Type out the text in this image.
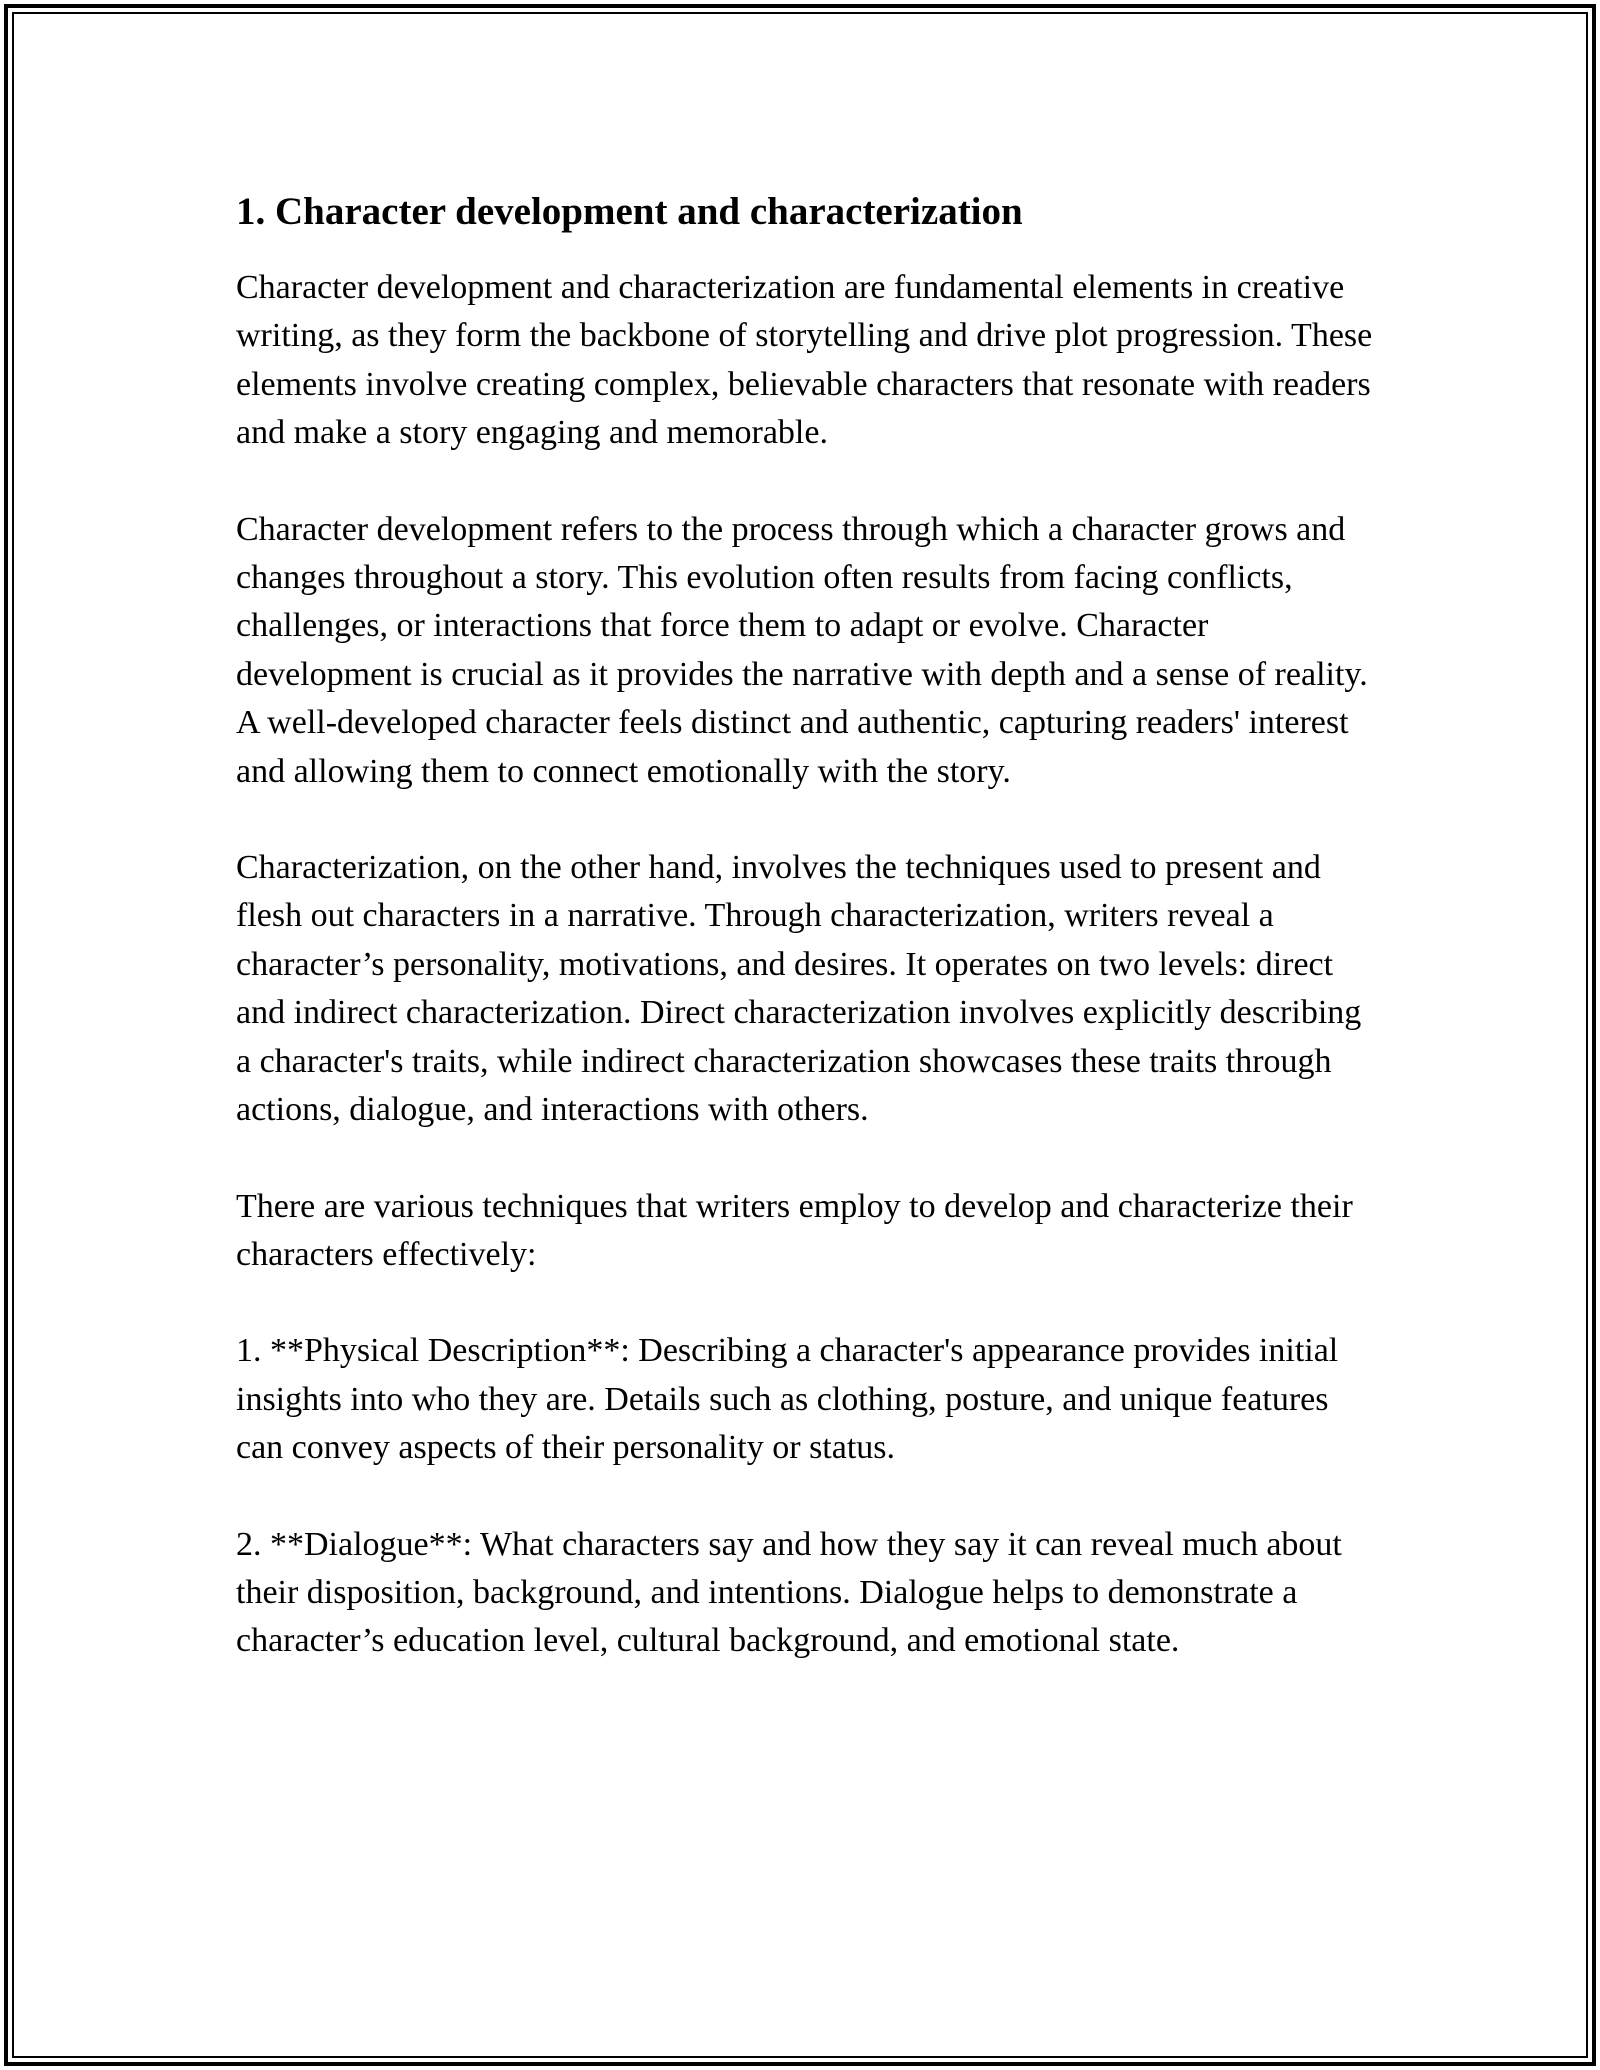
1. Character development and characterization

Character development and characterization are fundamental elements in creative writing, as they form the backbone of storytelling and drive plot progression. These elements involve creating complex, believable characters that resonate with readers and make a story engaging and memorable.

Character development refers to the process through which a character grows and changes throughout a story. This evolution often results from facing conflicts, challenges, or interactions that force them to adapt or evolve. Character development is crucial as it provides the narrative with depth and a sense of reality. A well-developed character feels distinct and authentic, capturing readers' interest and allowing them to connect emotionally with the story.

Characterization, on the other hand, involves the techniques used to present and flesh out characters in a narrative. Through characterization, writers reveal a character’s personality, motivations, and desires. It operates on two levels: direct and indirect characterization. Direct characterization involves explicitly describing a character's traits, while indirect characterization showcases these traits through actions, dialogue, and interactions with others.

There are various techniques that writers employ to develop and characterize their characters effectively:

1. **Physical Description**: Describing a character's appearance provides initial insights into who they are. Details such as clothing, posture, and unique features can convey aspects of their personality or status.

2. **Dialogue**: What characters say and how they say it can reveal much about their disposition, background, and intentions. Dialogue helps to demonstrate a character’s education level, cultural background, and emotional state.
